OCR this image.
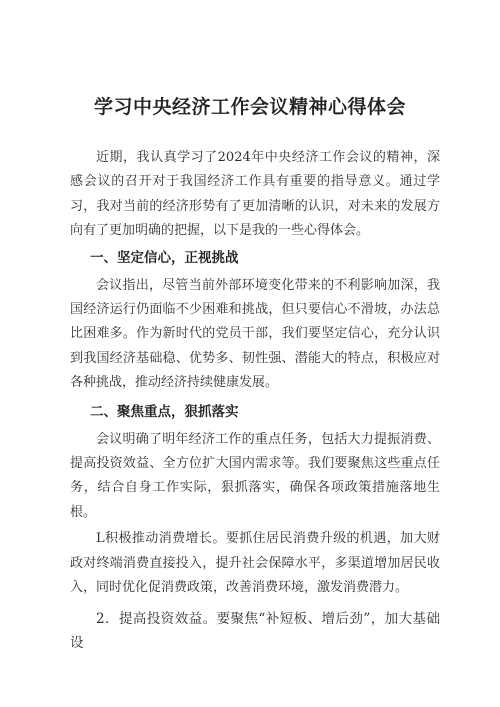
学习中央经济工作会议精神心得体会

近期，我认真学习了2024年中央经济工作会议的精神，深感会议的召开对于我国经济工作具有重要的指导意义。通过学习，我对当前的经济形势有了更加清晰的认识，对未来的发展方向有了更加明确的把握，以下是我的一些心得体会。

一、坚定信心，正视挑战

会议指出，尽管当前外部环境变化带来的不利影响加深，我国经济运行仍面临不少困难和挑战，但只要信心不滑坡，办法总比困难多。作为新时代的党员干部，我们要坚定信心，充分认识到我国经济基础稳、优势多、韧性强、潜能大的特点，积极应对各种挑战，推动经济持续健康发展。

二、聚焦重点，狠抓落实

会议明确了明年经济工作的重点任务，包括大力提振消费、提高投资效益、全方位扩大国内需求等。我们要聚焦这些重点任务，结合自身工作实际，狠抓落实，确保各项政策措施落地生根。

L积极推动消费增长。要抓住居民消费升级的机遇，加大财政对终端消费直接投入，提升社会保障水平，多渠道增加居民收入，同时优化促消费政策，改善消费环境，激发消费潜力。

2．提高投资效益。要聚焦“补短板、增后劲”，加大基础设
